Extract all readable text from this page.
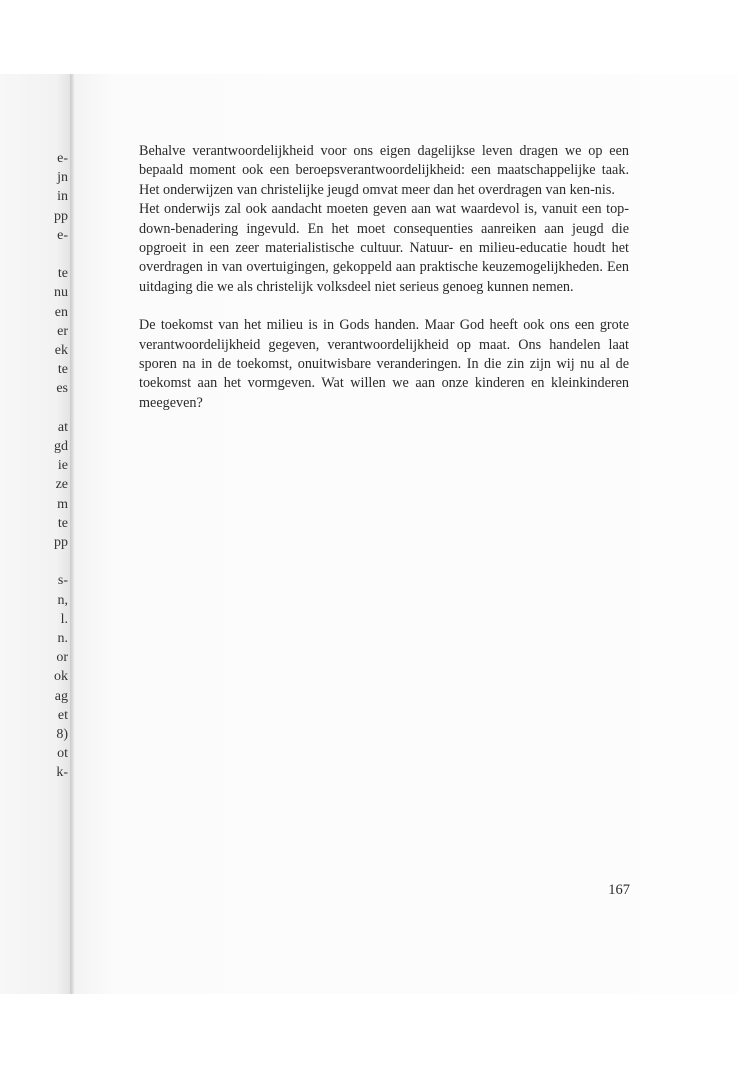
e-
jn
in
pp
e-
te
nu
en
er
ek
te
es
at
gd
ie
ze
m
te
pp
s-
n,
l.
n.
or
ok
ag
et
8)
ot
k-

Behalve verantwoordelijkheid voor ons eigen dagelijkse leven dragen we op een bepaald moment ook een beroepsverantwoordelijkheid: een maatschappelijke taak. Het onderwijzen van christelijke jeugd omvat meer dan het overdragen van ken-nis.

Het onderwijs zal ook aandacht moeten geven aan wat waardevol is, vanuit een top-down-benadering ingevuld. En het moet consequenties aanreiken aan jeugd die opgroeit in een zeer materialistische cultuur. Natuur- en milieu-educatie houdt het overdragen in van overtuigingen, gekoppeld aan praktische keuzemogelijkheden. Een uitdaging die we als christelijk volksdeel niet serieus genoeg kunnen nemen.

De toekomst van het milieu is in Gods handen. Maar God heeft ook ons een grote verantwoordelijkheid gegeven, verantwoordelijkheid op maat. Ons handelen laat sporen na in de toekomst, onuitwisbare veranderingen. In die zin zijn wij nu al de toekomst aan het vormgeven. Wat willen we aan onze kinderen en kleinkinderen meegeven?

167
